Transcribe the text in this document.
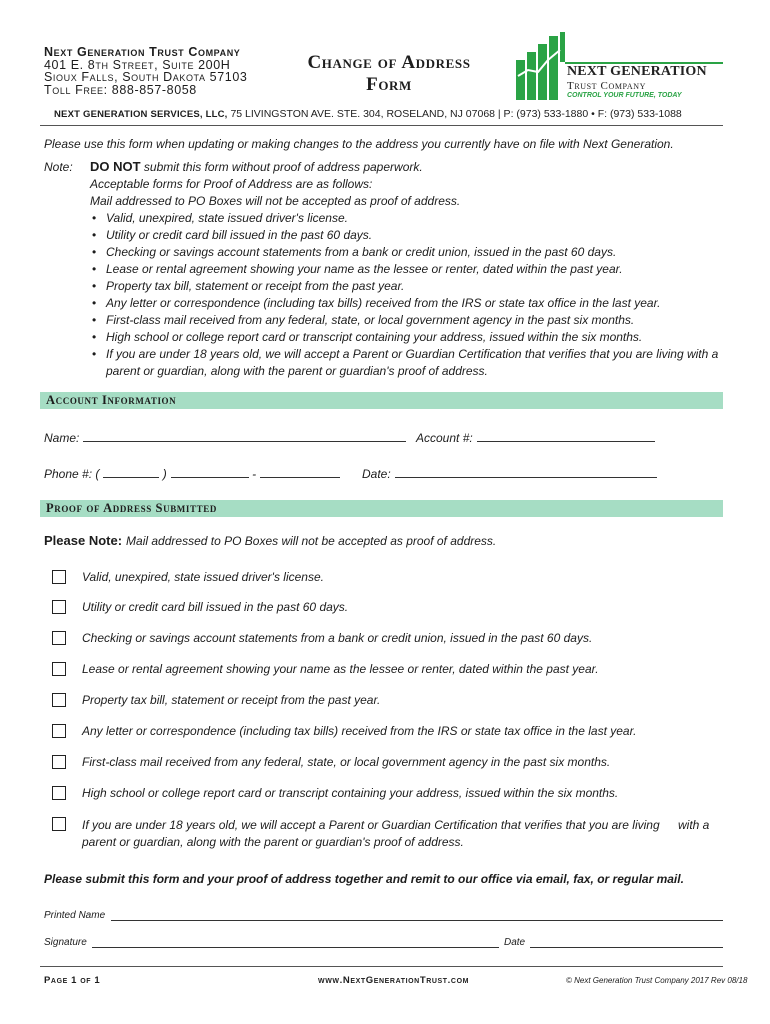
Next Generation Trust Company
401 E. 8th Street, Suite 200H
Sioux Falls, South Dakota 57103
Toll Free: 888-857-8058
Change of Address
Form
NEXT GENERATION
Trust Company
CONTROL YOUR FUTURE, TODAY
NEXT GENERATION SERVICES, LLC, 75 LIVINGSTON AVE. STE. 304, ROSELAND, NJ 07068 | P: (973) 533-1880 • F: (973) 533-1088
Please use this form when updating or making changes to the address you currently have on file with Next Generation.
Note: DO NOT submit this form without proof of address paperwork.
Acceptable forms for Proof of Address are as follows:
Mail addressed to PO Boxes will not be accepted as proof of address.
• Valid, unexpired, state issued driver's license.
• Utility or credit card bill issued in the past 60 days.
• Checking or savings account statements from a bank or credit union, issued in the past 60 days.
• Lease or rental agreement showing your name as the lessee or renter, dated within the past year.
• Property tax bill, statement or receipt from the past year.
• Any letter or correspondence (including tax bills) received from the IRS or state tax office in the last year.
• First-class mail received from any federal, state, or local government agency in the past six months.
• High school or college report card or transcript containing your address, issued within the six months.
• If you are under 18 years old, we will accept a Parent or Guardian Certification that verifies that you are living with a parent or guardian, along with the parent or guardian's proof of address.
Account Information
Name:	Account #:
Phone #: (	)	-	Date:
Proof of Address Submitted
Please Note: Mail addressed to PO Boxes will not be accepted as proof of address.
Valid, unexpired, state issued driver's license.
Utility or credit card bill issued in the past 60 days.
Checking or savings account statements from a bank or credit union, issued in the past 60 days.
Lease or rental agreement showing your name as the lessee or renter, dated within the past year.
Property tax bill, statement or receipt from the past year.
Any letter or correspondence (including tax bills) received from the IRS or state tax office in the last year.
First-class mail received from any federal, state, or local government agency in the past six months.
High school or college report card or transcript containing your address, issued within the six months.
If you are under 18 years old, we will accept a Parent or Guardian Certification that verifies that you are living with a
parent or guardian, along with the parent or guardian's proof of address.
Please submit this form and your proof of address together and remit to our office via email, fax, or regular mail.
Printed Name
Signature	Date
Page 1 of 1	www.NextGenerationTrust.com	© Next Generation Trust Company 2017 Rev 08/18
